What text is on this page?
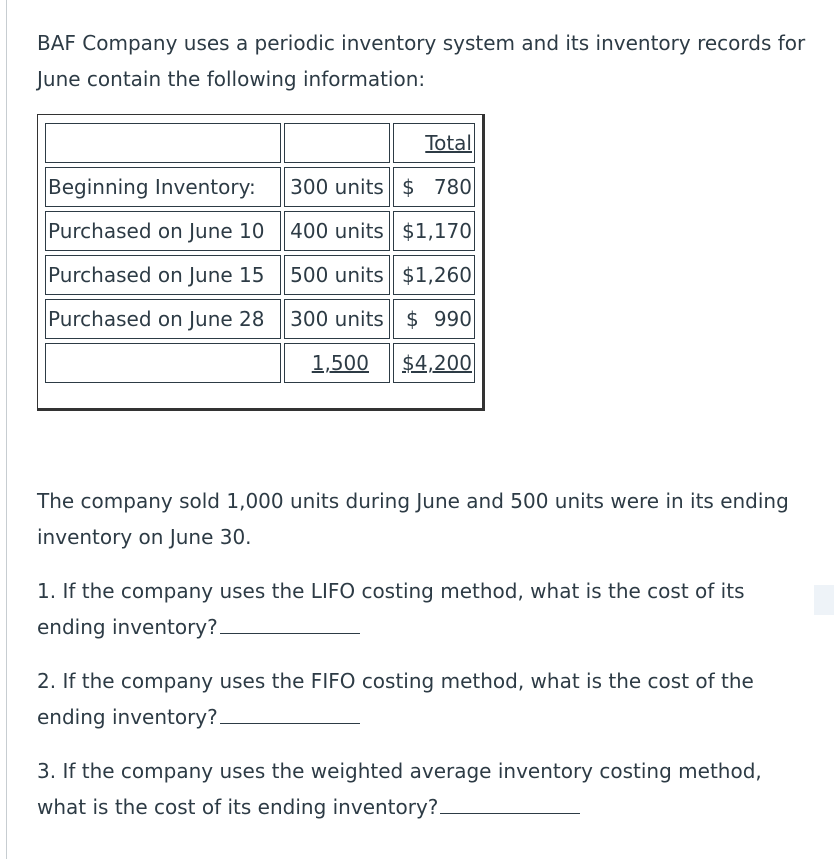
BAF Company uses a periodic inventory system and its inventory records for June contain the following information:

		Total
Beginning Inventory:	300 units	$ 780

Purchased on June 10	400 units	$1,170
Purchased on June 15	500 units	$1,260
Purchased on June 28	300 units	$ 990

	1,500	$4,200

The company sold 1,000 units during June and 500 units were in its ending inventory on June 30.

1. If the company uses the LIFO costing method, what is the cost of its ending inventory?

2. If the company uses the FIFO costing method, what is the cost of the ending inventory?

3. If the company uses the weighted average inventory costing method, what is the cost of its ending inventory?
